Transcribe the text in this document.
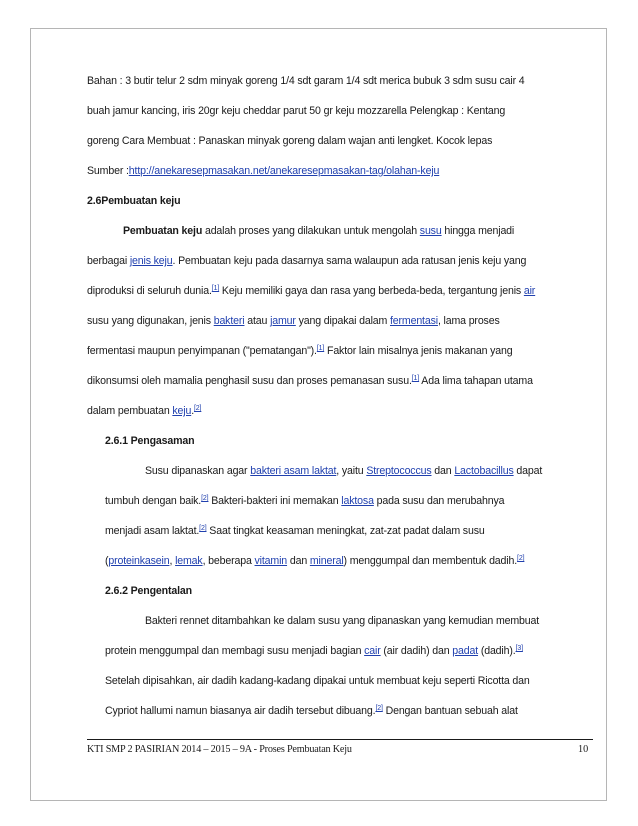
Bahan : 3 butir telur 2 sdm minyak goreng 1/4 sdt garam 1/4 sdt merica bubuk 3 sdm susu cair 4
buah jamur kancing, iris 20gr keju cheddar parut 50 gr keju mozzarella Pelengkap : Kentang
goreng Cara Membuat : Panaskan minyak goreng dalam wajan anti lengket. Kocok lepas
Sumber :http://anekaresepmasakan.net/anekaresepmasakan-tag/olahan-keju
2.6Pembuatan keju
Pembuatan keju adalah proses yang dilakukan untuk mengolah susu hingga menjadi
berbagai jenis keju. Pembuatan keju pada dasarnya sama walaupun ada ratusan jenis keju yang
diproduksi di seluruh dunia.[1] Keju memiliki gaya dan rasa yang berbeda-beda, tergantung jenis air
susu yang digunakan, jenis bakteri atau jamur yang dipakai dalam fermentasi, lama proses
fermentasi maupun penyimpanan ("pematangan").[1] Faktor lain misalnya jenis makanan yang
dikonsumsi oleh mamalia penghasil susu dan proses pemanasan susu.[1] Ada lima tahapan utama
dalam pembuatan keju.[2]
2.6.1 Pengasaman
Susu dipanaskan agar bakteri asam laktat, yaitu Streptococcus dan Lactobacillus dapat
tumbuh dengan baik.[2] Bakteri-bakteri ini memakan laktosa pada susu dan merubahnya
menjadi asam laktat.[2] Saat tingkat keasaman meningkat, zat-zat padat dalam susu
(proteinkasein, lemak, beberapa vitamin dan mineral) menggumpal dan membentuk dadih.[2]
2.6.2 Pengentalan
Bakteri rennet ditambahkan ke dalam susu yang dipanaskan yang kemudian membuat
protein menggumpal dan membagi susu menjadi bagian cair (air dadih) dan padat (dadih).[3]
Setelah dipisahkan, air dadih kadang-kadang dipakai untuk membuat keju seperti Ricotta dan
Cypriot hallumi namun biasanya air dadih tersebut dibuang.[2] Dengan bantuan sebuah alat
KTI SMP 2 PASIRIAN 2014 – 2015 – 9A - Proses Pembuatan Keju	10
